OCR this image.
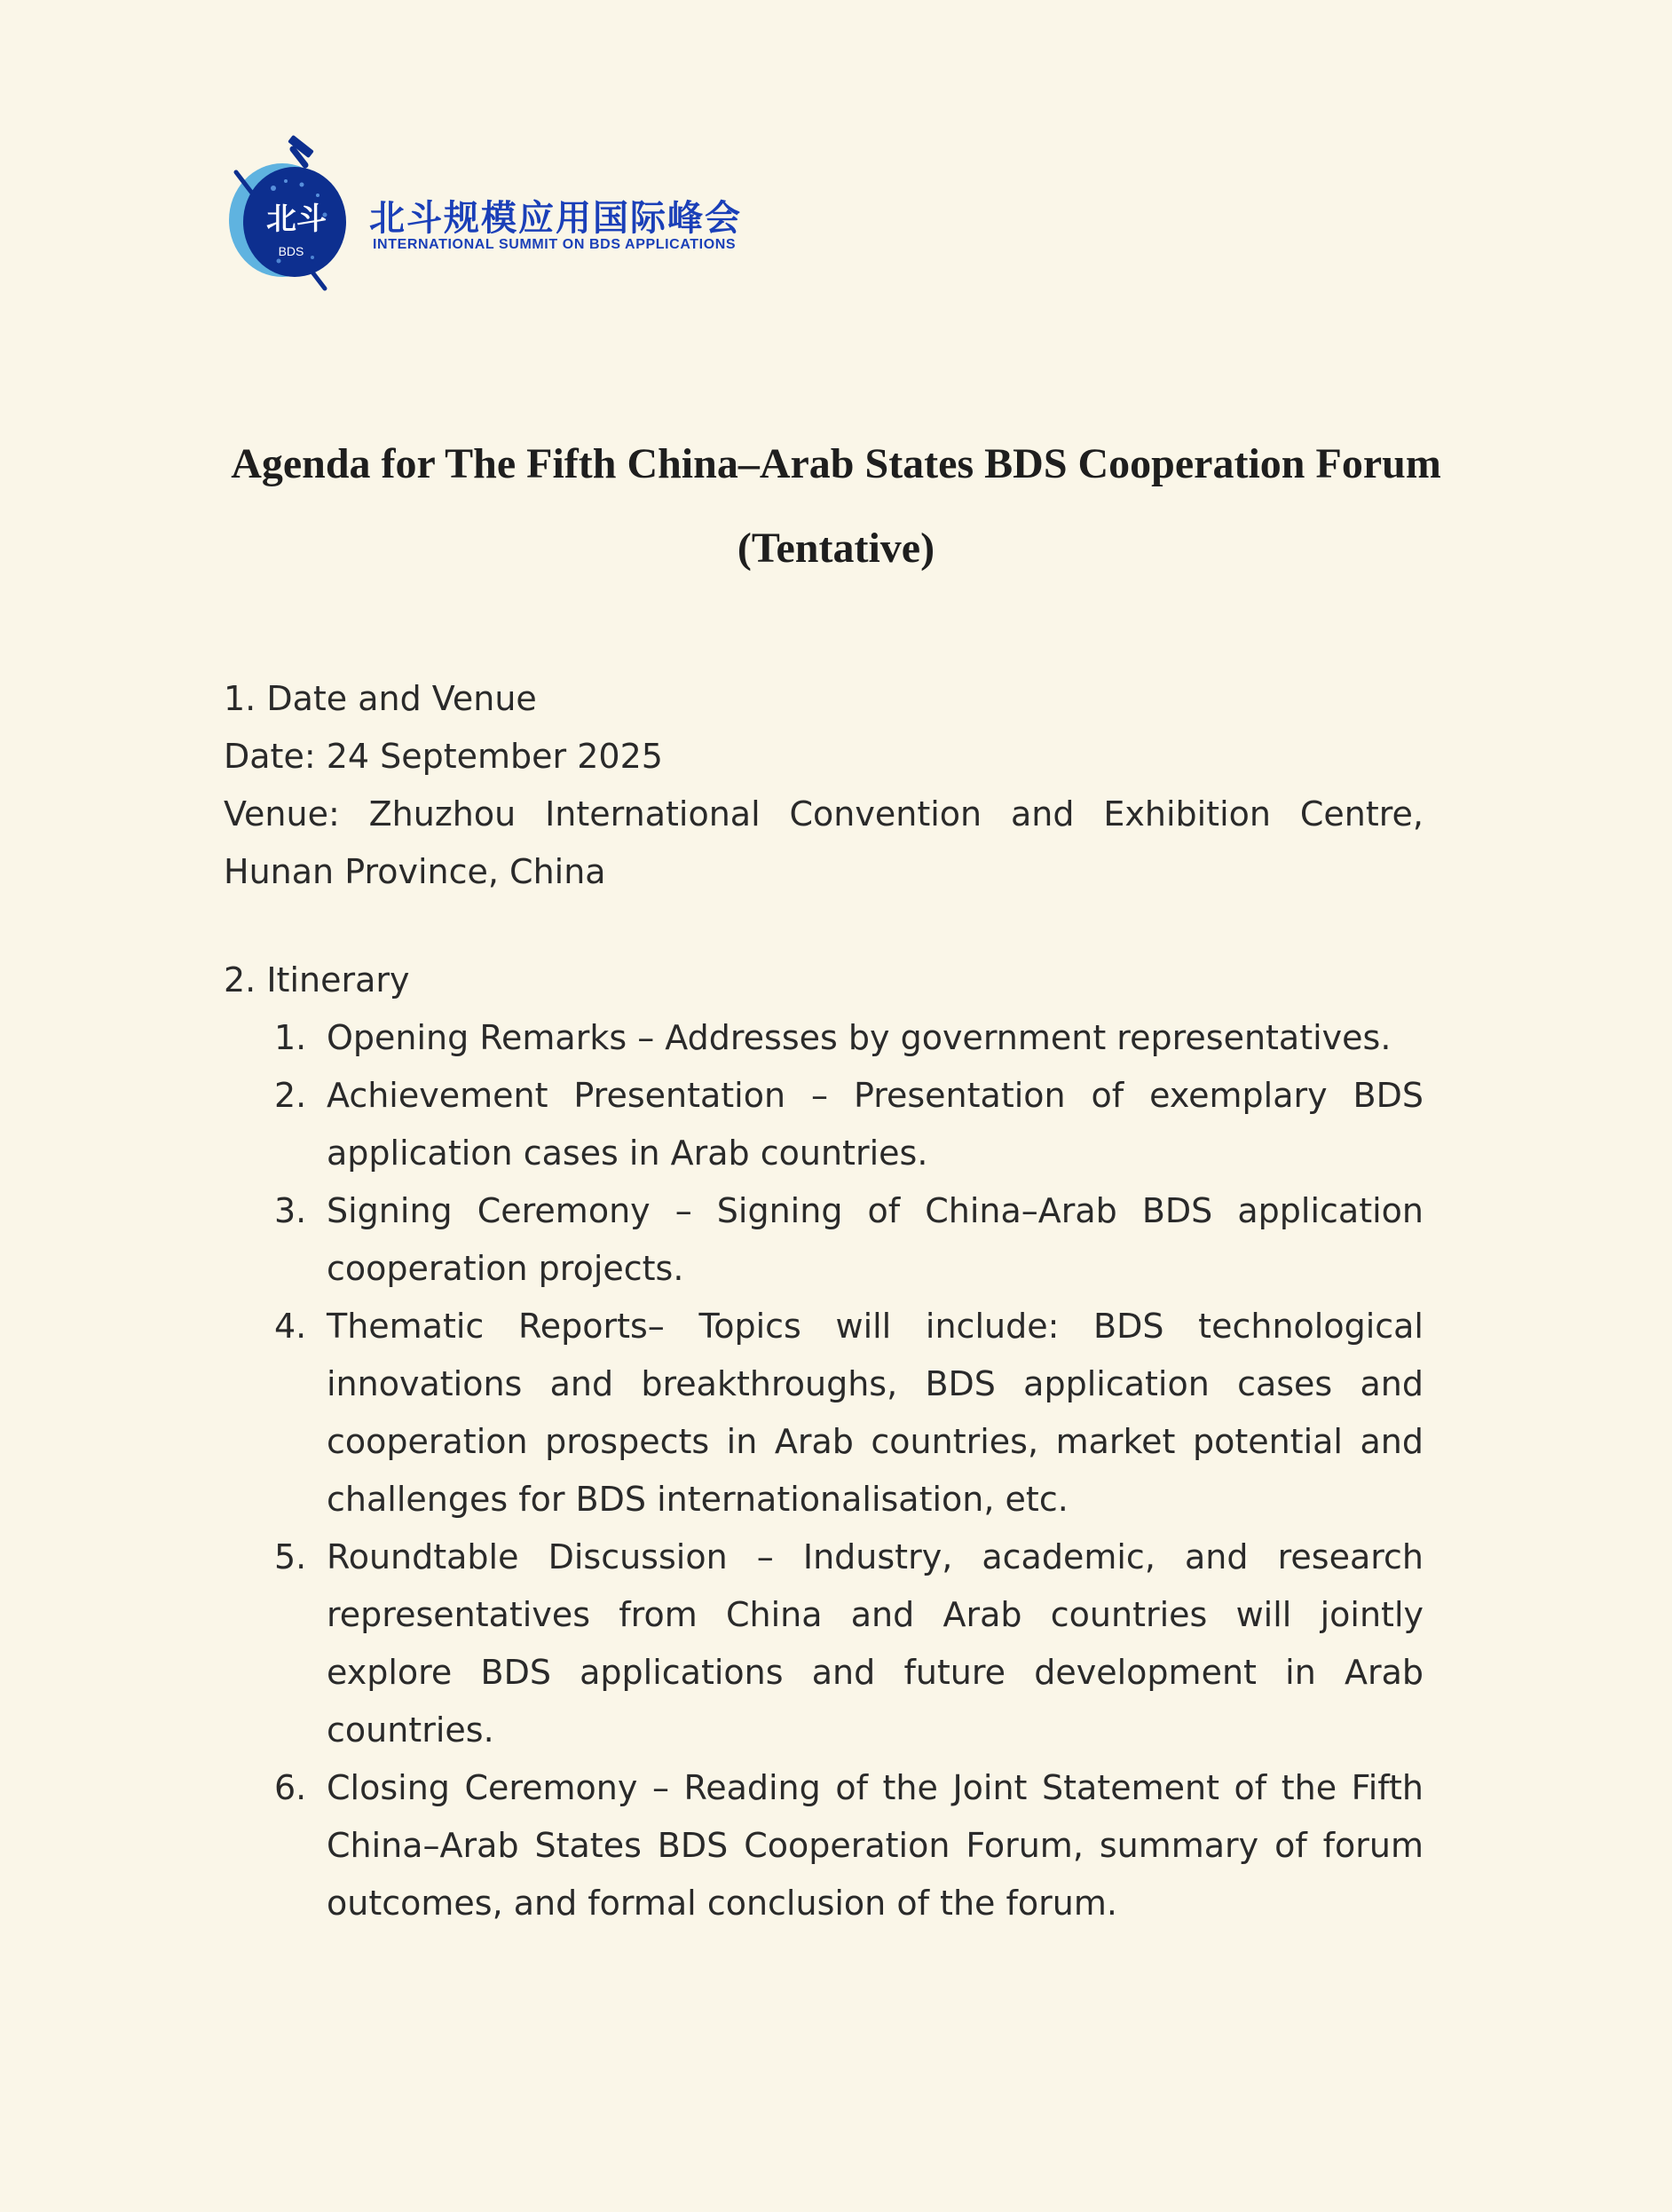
北斗
BDS
北斗规模应用国际峰会
INTERNATIONAL SUMMIT ON BDS APPLICATIONS
Agenda for The Fifth China–Arab States BDS Cooperation Forum
(Tentative)

1. Date and Venue

Date: 24 September 2025

Venue: Zhuzhou International Convention and Exhibition Centre, Hunan Province, China

2. Itinerary

1. Opening Remarks – Addresses by government representatives.
2. Achievement Presentation – Presentation of exemplary BDS application cases in Arab countries.
3. Signing Ceremony – Signing of China–Arab BDS application cooperation projects.
4. Thematic Reports– Topics will include: BDS technological innovations and breakthroughs, BDS application cases and cooperation prospects in Arab countries, market potential and challenges for BDS internationalisation, etc.
5. Roundtable Discussion – Industry, academic, and research representatives from China and Arab countries will jointly explore BDS applications and future development in Arab countries.
6. Closing Ceremony – Reading of the Joint Statement of the Fifth China–Arab States BDS Cooperation Forum, summary of forum outcomes, and formal conclusion of the forum.
